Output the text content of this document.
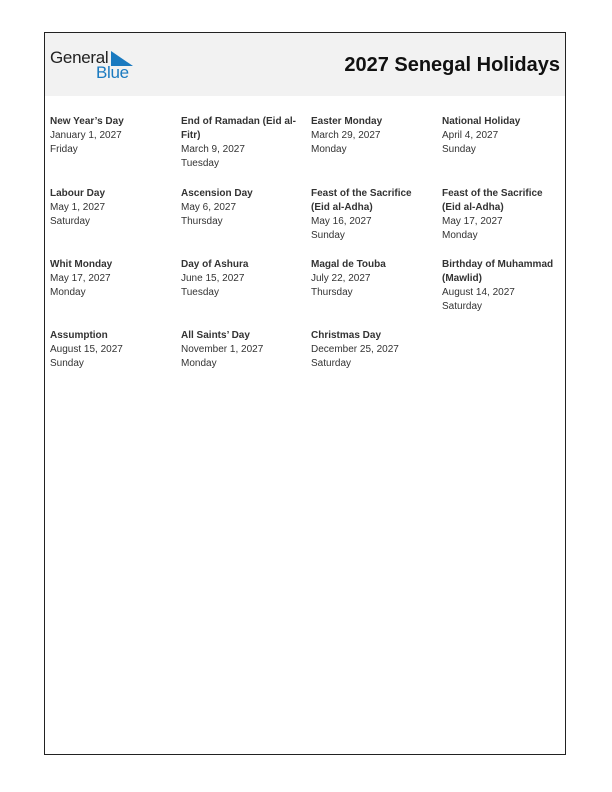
General
Blue	2027 Senegal Holidays
New Year’s Day
January 1, 2027
Friday
End of Ramadan (Eid al-Fitr)
March 9, 2027
Tuesday
Easter Monday
March 29, 2027
Monday
National Holiday
April 4, 2027
Sunday
Labour Day
May 1, 2027
Saturday
Ascension Day
May 6, 2027
Thursday
Feast of the Sacrifice (Eid al-Adha)
May 16, 2027
Sunday
Feast of the Sacrifice (Eid al-Adha)
May 17, 2027
Monday
Whit Monday
May 17, 2027
Monday
Day of Ashura
June 15, 2027
Tuesday
Magal de Touba
July 22, 2027
Thursday
Birthday of Muhammad (Mawlid)
August 14, 2027
Saturday
Assumption
August 15, 2027
Sunday
All Saints’ Day
November 1, 2027
Monday
Christmas Day
December 25, 2027
Saturday
